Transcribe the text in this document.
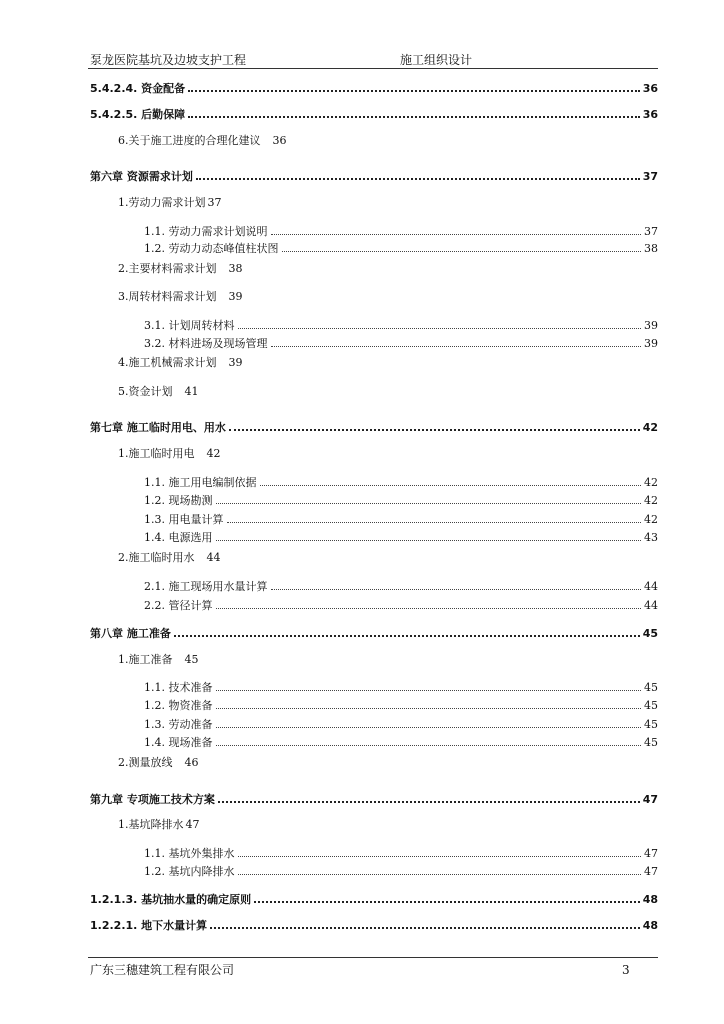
泵龙医院基坑及边坡支护工程	施工组织设计
5.4.2.4. 资金配备	36
5.4.2.5. 后勤保障	36
6.关于施工进度的合理化建议 36
第六章 资源需求计划	37
1.劳动力需求计划 37
1.1. 劳动力需求计划说明	37
1.2. 劳动力动态峰值柱状图	38
2.主要材料需求计划 38
3.周转材料需求计划 39
3.1. 计划周转材料	39
3.2. 材料进场及现场管理	39
4.施工机械需求计划 39
5.资金计划 41
第七章 施工临时用电、用水	42
1.施工临时用电 42
1.1. 施工用电编制依据	42
1.2. 现场勘测	42
1.3. 用电量计算	42
1.4. 电源选用	43
2.施工临时用水 44
2.1. 施工现场用水量计算	44
2.2. 管径计算	44
第八章 施工准备	45
1.施工准备 45
1.1. 技术准备	45
1.2. 物资准备	45
1.3. 劳动准备	45
1.4. 现场准备	45
2.测量放线 46
第九章 专项施工技术方案	47
1.基坑降排水 47
1.1. 基坑外集排水	47
1.2. 基坑内降排水	47
1.2.1.3. 基坑抽水量的确定原则	48
1.2.2.1. 地下水量计算	48
广东三穗建筑工程有限公司	3
